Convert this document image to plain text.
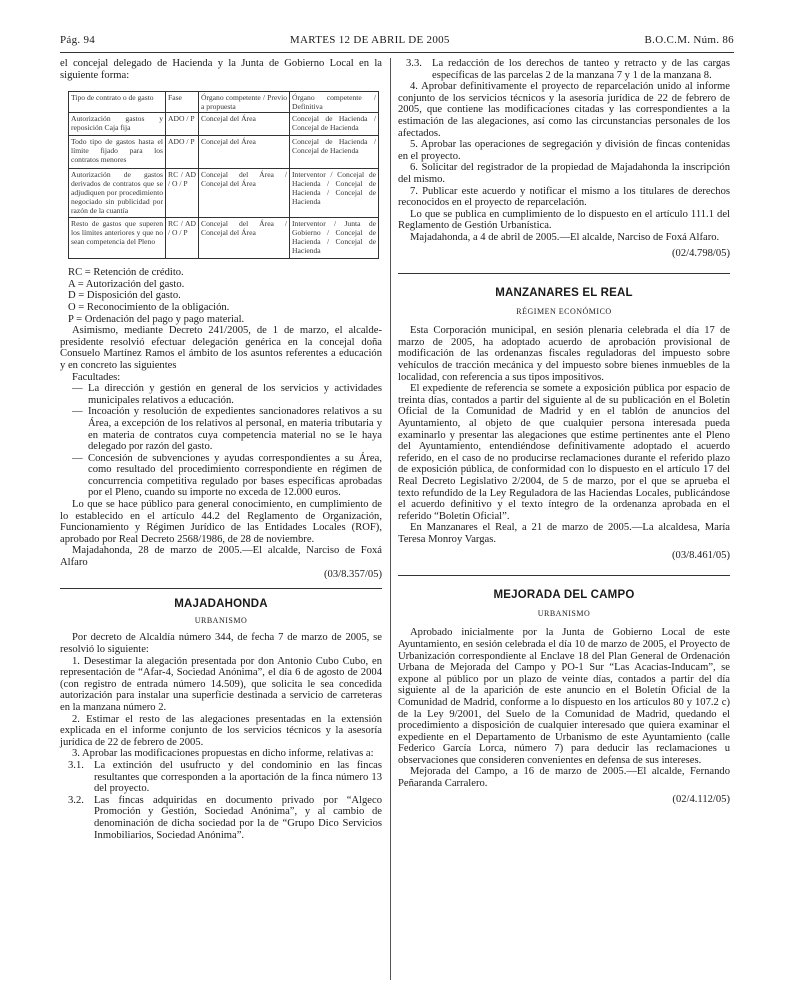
Pág. 94	MARTES 12 DE ABRIL DE 2005	B.O.C.M. Núm. 86

el concejal delegado de Hacienda y la Junta de Gobierno Local en la siguiente forma:

Tipo de contrato o de gasto	Fase	Órgano competente / Previo a propuesta	Órgano competente / Definitiva
Autorización gastos y reposición Caja fija	ADO / P	Concejal del Área	Concejal de Hacienda / Concejal de Hacienda
Todo tipo de gastos hasta el límite fijado para los contratos menores	ADO / P	Concejal del Área	Concejal de Hacienda / Concejal de Hacienda
Autorización de gastos derivados de contratos que se adjudiquen por procedimiento negociado sin publicidad por razón de la cuantía	RC / AD / O / P	Concejal del Área / Concejal del Área	Interventor / Concejal de Hacienda / Concejal de Hacienda / Concejal de Hacienda
Resto de gastos que superen los límites anteriores y que no sean competencia del Pleno	RC / AD / O / P	Concejal del Área / Concejal del Área	Interventor / Junta de Gobierno / Concejal de Hacienda / Concejal de Hacienda

RC = Retención de crédito.

A = Autorización del gasto.

D = Disposición del gasto.

O = Reconocimiento de la obligación.

P = Ordenación del pago y pago material.

Asimismo, mediante Decreto 241/2005, de 1 de marzo, el alcalde-presidente resolvió efectuar delegación genérica en la concejal doña Consuelo Martínez Ramos el ámbito de los asuntos referentes a educación y en concreto las siguientes

Facultades:

— La dirección y gestión en general de los servicios y actividades municipales relativos a educación.
— Incoación y resolución de expedientes sancionadores relativos a su Área, a excepción de los relativos al personal, en materia tributaria y en materia de contratos cuya competencia material no se le haya delegado por razón del gasto.
— Concesión de subvenciones y ayudas correspondientes a su Área, como resultado del procedimiento correspondiente en régimen de concurrencia competitiva regulado por bases específicas aprobadas por el Pleno, cuando su importe no exceda de 12.000 euros.

Lo que se hace público para general conocimiento, en cumplimiento de lo establecido en el artículo 44.2 del Reglamento de Organización, Funcionamiento y Régimen Jurídico de las Entidades Locales (ROF), aprobado por Real Decreto 2568/1986, de 28 de noviembre.

Majadahonda, 28 de marzo de 2005.—El alcalde, Narciso de Foxá Alfaro

(03/8.357/05)

MAJADAHONDA

URBANISMO

Por decreto de Alcaldía número 344, de fecha 7 de marzo de 2005, se resolvió lo siguiente:

1. Desestimar la alegación presentada por don Antonio Cubo Cubo, en representación de “Afar-4, Sociedad Anónima”, el día 6 de agosto de 2004 (con registro de entrada número 14.509), que solicita le sea concedida autorización para instalar una superficie destinada a servicio de carreteras en la manzana número 2.

2. Estimar el resto de las alegaciones presentadas en la extensión explicada en el informe conjunto de los servicios técnicos y la asesoría jurídica de 22 de febrero de 2005.

3. Aprobar las modificaciones propuestas en dicho informe, relativas a:

3.1. La extinción del usufructo y del condominio en las fincas resultantes que corresponden a la aportación de la finca número 13 del proyecto.
3.2. Las fincas adquiridas en documento privado por “Algeco Promoción y Gestión, Sociedad Anónima”, y al cambio de denominación de dicha sociedad por la de “Grupo Dico Servicios Inmobiliarios, Sociedad Anónima”.
3.3. La redacción de los derechos de tanteo y retracto y de las cargas específicas de las parcelas 2 de la manzana 7 y 1 de la manzana 8.

4. Aprobar definitivamente el proyecto de reparcelación unido al informe conjunto de los servicios técnicos y la asesoría jurídica de 22 de febrero de 2005, que contiene las modificaciones citadas y las correspondientes a la estimación de las alegaciones, así como las circunstancias personales de los afectados.

5. Aprobar las operaciones de segregación y división de fincas contenidas en el proyecto.

6. Solicitar del registrador de la propiedad de Majadahonda la inscripción del mismo.

7. Publicar este acuerdo y notificar el mismo a los titulares de derechos reconocidos en el proyecto de reparcelación.

Lo que se publica en cumplimiento de lo dispuesto en el artículo 111.1 del Reglamento de Gestión Urbanística.

Majadahonda, a 4 de abril de 2005.—El alcalde, Narciso de Foxá Alfaro.

(02/4.798/05)

MANZANARES EL REAL

RÉGIMEN ECONÓMICO

Esta Corporación municipal, en sesión plenaria celebrada el día 17 de marzo de 2005, ha adoptado acuerdo de aprobación provisional de modificación de las ordenanzas fiscales reguladoras del impuesto sobre vehículos de tracción mecánica y del impuesto sobre bienes inmuebles de la localidad, con referencia a sus tipos impositivos.

El expediente de referencia se somete a exposición pública por espacio de treinta días, contados a partir del siguiente al de su publicación en el Boletín Oficial de la Comunidad de Madrid y en el tablón de anuncios del Ayuntamiento, al objeto de que cualquier persona interesada pueda examinarlo y presentar las alegaciones que estime pertinentes ante el Pleno del Ayuntamiento, entendiéndose definitivamente adoptado el acuerdo referido, en el caso de no producirse reclamaciones durante el referido plazo de exposición pública, de conformidad con lo dispuesto en el artículo 17 del Real Decreto Legislativo 2/2004, de 5 de marzo, por el que se aprueba el texto refundido de la Ley Reguladora de las Haciendas Locales, publicándose el acuerdo definitivo y el texto íntegro de la ordenanza aprobada en el referido “Boletín Oficial”.

En Manzanares el Real, a 21 de marzo de 2005.—La alcaldesa, María Teresa Monroy Vargas.

(03/8.461/05)

MEJORADA DEL CAMPO

URBANISMO

Aprobado inicialmente por la Junta de Gobierno Local de este Ayuntamiento, en sesión celebrada el día 10 de marzo de 2005, el Proyecto de Urbanización correspondiente al Enclave 18 del Plan General de Ordenación Urbana de Mejorada del Campo y PO-1 Sur “Las Acacias-Inducam”, se expone al público por un plazo de veinte días, contados a partir del día siguiente al de la aparición de este anuncio en el Boletín Oficial de la Comunidad de Madrid, conforme a lo dispuesto en los artículos 80 y 107.2 c) de la Ley 9/2001, del Suelo de la Comunidad de Madrid, quedando el procedimiento a disposición de cualquier interesado que quiera examinar el expediente en el Departamento de Urbanismo de este Ayuntamiento (calle Federico García Lorca, número 7) para deducir las reclamaciones u observaciones que consideren convenientes en defensa de sus intereses.

Mejorada del Campo, a 16 de marzo de 2005.—El alcalde, Fernando Peñaranda Carralero.

(02/4.112/05)
